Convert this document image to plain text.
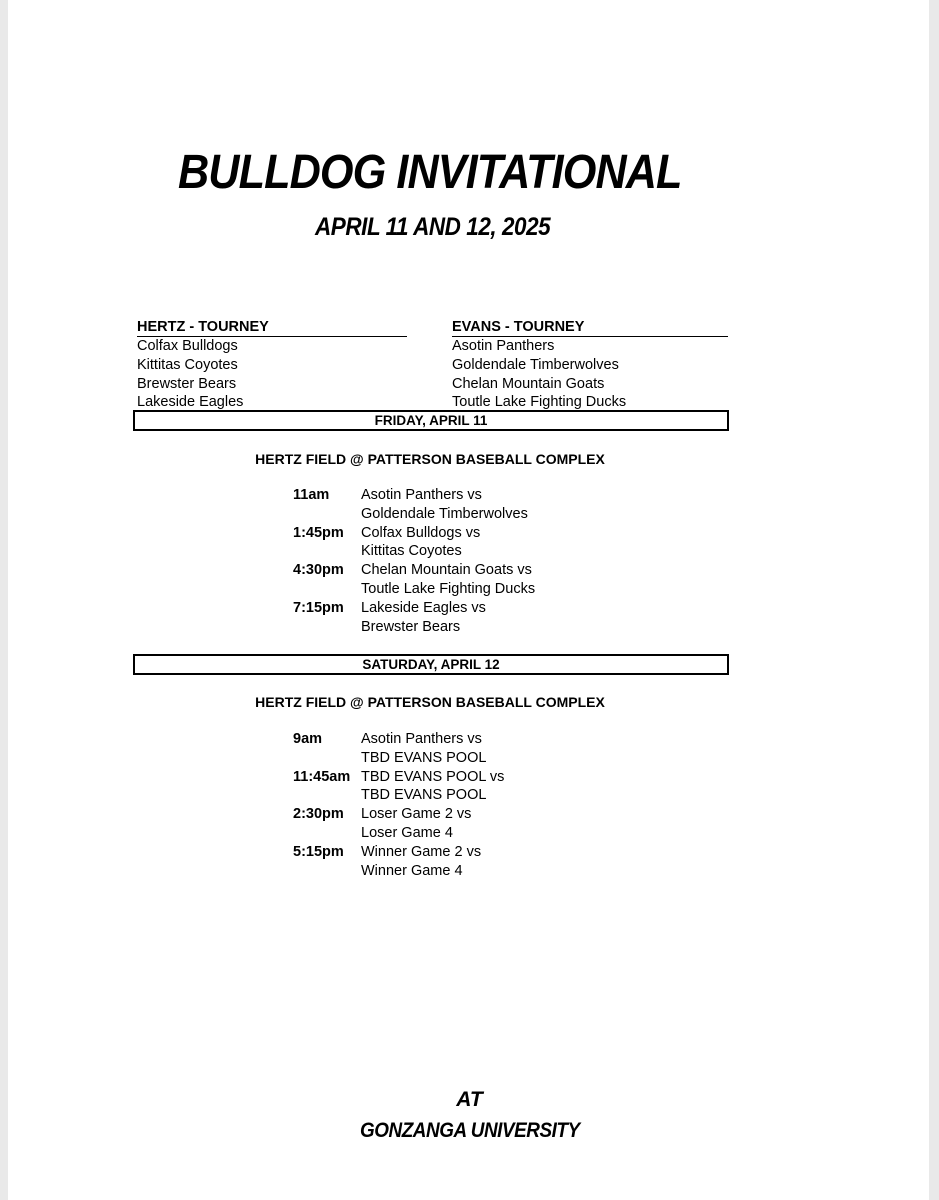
BULLDOG INVITATIONAL
APRIL 11 AND 12, 2025
HERTZ - TOURNEY
Colfax Bulldogs
Kittitas Coyotes
Brewster Bears
Lakeside Eagles
EVANS - TOURNEY
Asotin Panthers
Goldendale Timberwolves
Chelan Mountain Goats
Toutle Lake Fighting Ducks
FRIDAY, APRIL 11
HERTZ FIELD @ PATTERSON BASEBALL COMPLEX
11am Asotin Panthers vs
Goldendale Timberwolves
1:45pm Colfax Bulldogs vs
Kittitas Coyotes
4:30pm Chelan Mountain Goats vs
Toutle Lake Fighting Ducks
7:15pm Lakeside Eagles vs
Brewster Bears
SATURDAY, APRIL 12
HERTZ FIELD @ PATTERSON BASEBALL COMPLEX
9am	Asotin Panthers vs
TBD EVANS POOL
11:45am TBD EVANS POOL vs
TBD EVANS POOL
2:30pm Loser Game 2 vs
Loser Game 4
5:15pm Winner Game 2 vs
Winner Game 4
AT
GONZANGA UNIVERSITY
